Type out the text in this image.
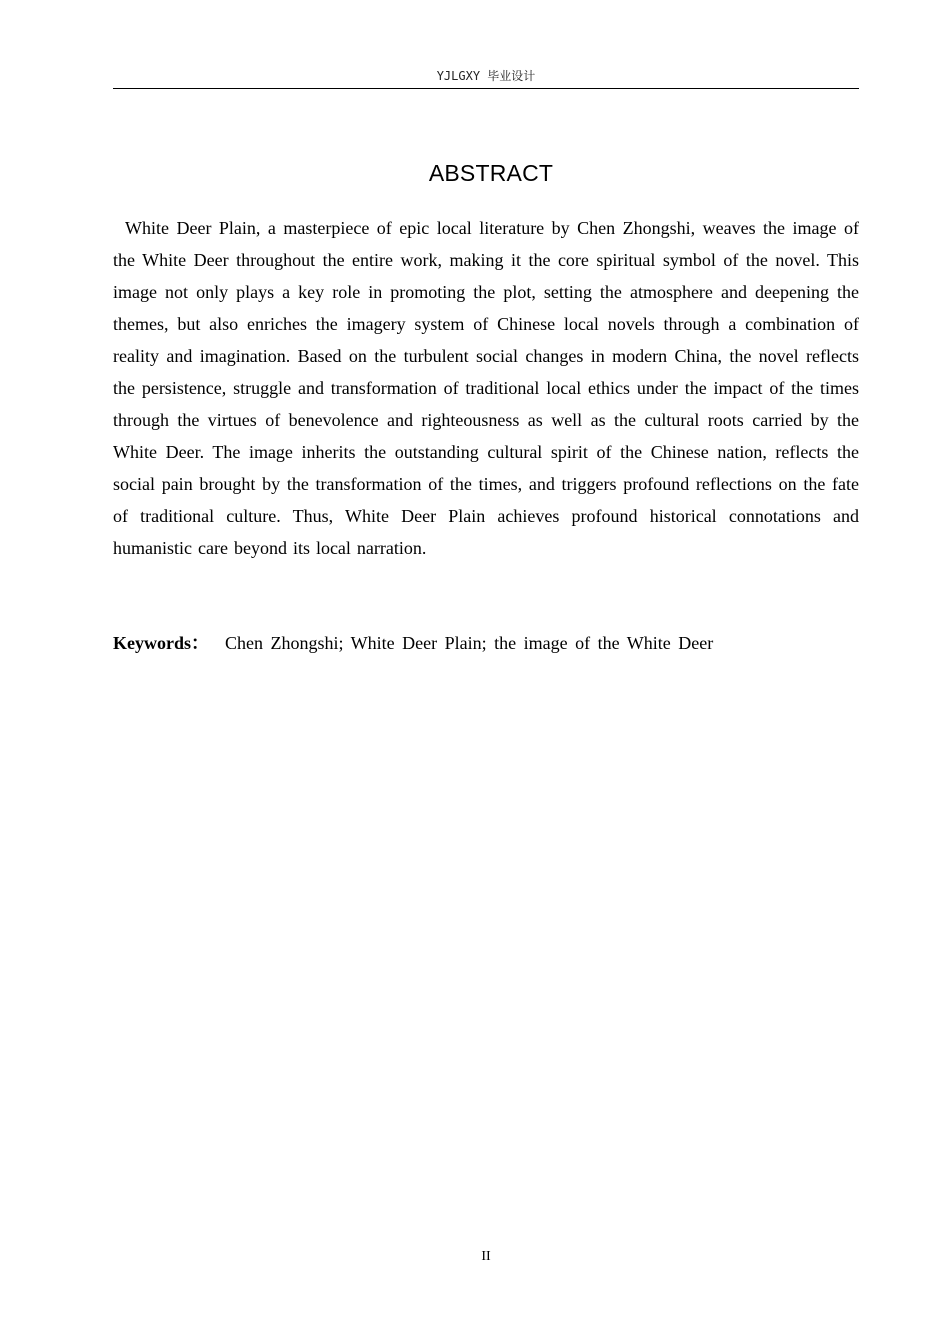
YJLGXY 毕业设计
ABSTRACT

White Deer Plain, a masterpiece of epic local literature by Chen Zhongshi, weaves the image of the White Deer throughout the entire work, making it the core spiritual symbol of the novel. This image not only plays a key role in promoting the plot, setting the atmosphere and deepening the themes, but also enriches the imagery system of Chinese local novels through a combination of reality and imagination. Based on the turbulent social changes in modern China, the novel reflects the persistence, struggle and transformation of traditional local ethics under the impact of the times through the virtues of benevolence and righteousness as well as the cultural roots carried by the White Deer. The image inherits the outstanding cultural spirit of the Chinese nation, reflects the social pain brought by the transformation of the times, and triggers profound reflections on the fate of traditional culture. Thus, White Deer Plain achieves profound historical connotations and humanistic care beyond its local narration.

Keywords： Chen Zhongshi; White Deer Plain; the image of the White Deer
II
